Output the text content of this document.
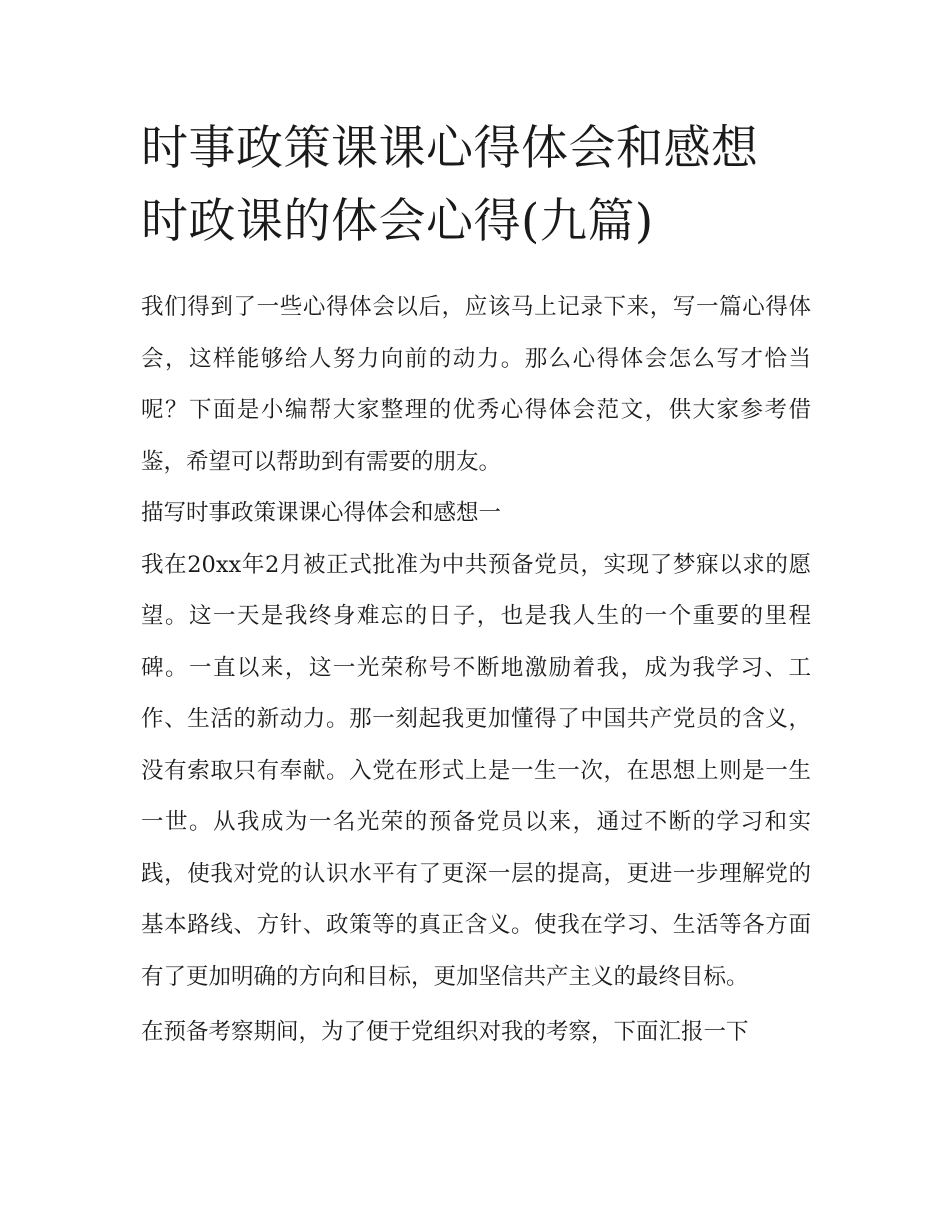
时事政策课课心得体会和感想
时政课的体会心得(九篇)

我们得到了一些心得体会以后，应该马上记录下来，写一篇心得体会，这样能够给人努力向前的动力。那么心得体会怎么写才恰当呢？下面是小编帮大家整理的优秀心得体会范文，供大家参考借鉴，希望可以帮助到有需要的朋友。

描写时事政策课课心得体会和感想一

我在20xx年2月被正式批准为中共预备党员，实现了梦寐以求的愿望。这一天是我终身难忘的日子，也是我人生的一个重要的里程碑。一直以来，这一光荣称号不断地激励着我，成为我学习、工作、生活的新动力。那一刻起我更加懂得了中国共产党员的含义，没有索取只有奉献。入党在形式上是一生一次，在思想上则是一生一世。从我成为一名光荣的预备党员以来，通过不断的学习和实践，使我对党的认识水平有了更深一层的提高，更进一步理解党的基本路线、方针、政策等的真正含义。使我在学习、生活等各方面有了更加明确的方向和目标，更加坚信共产主义的最终目标。

在预备考察期间，为了便于党组织对我的考察，下面汇报一下
